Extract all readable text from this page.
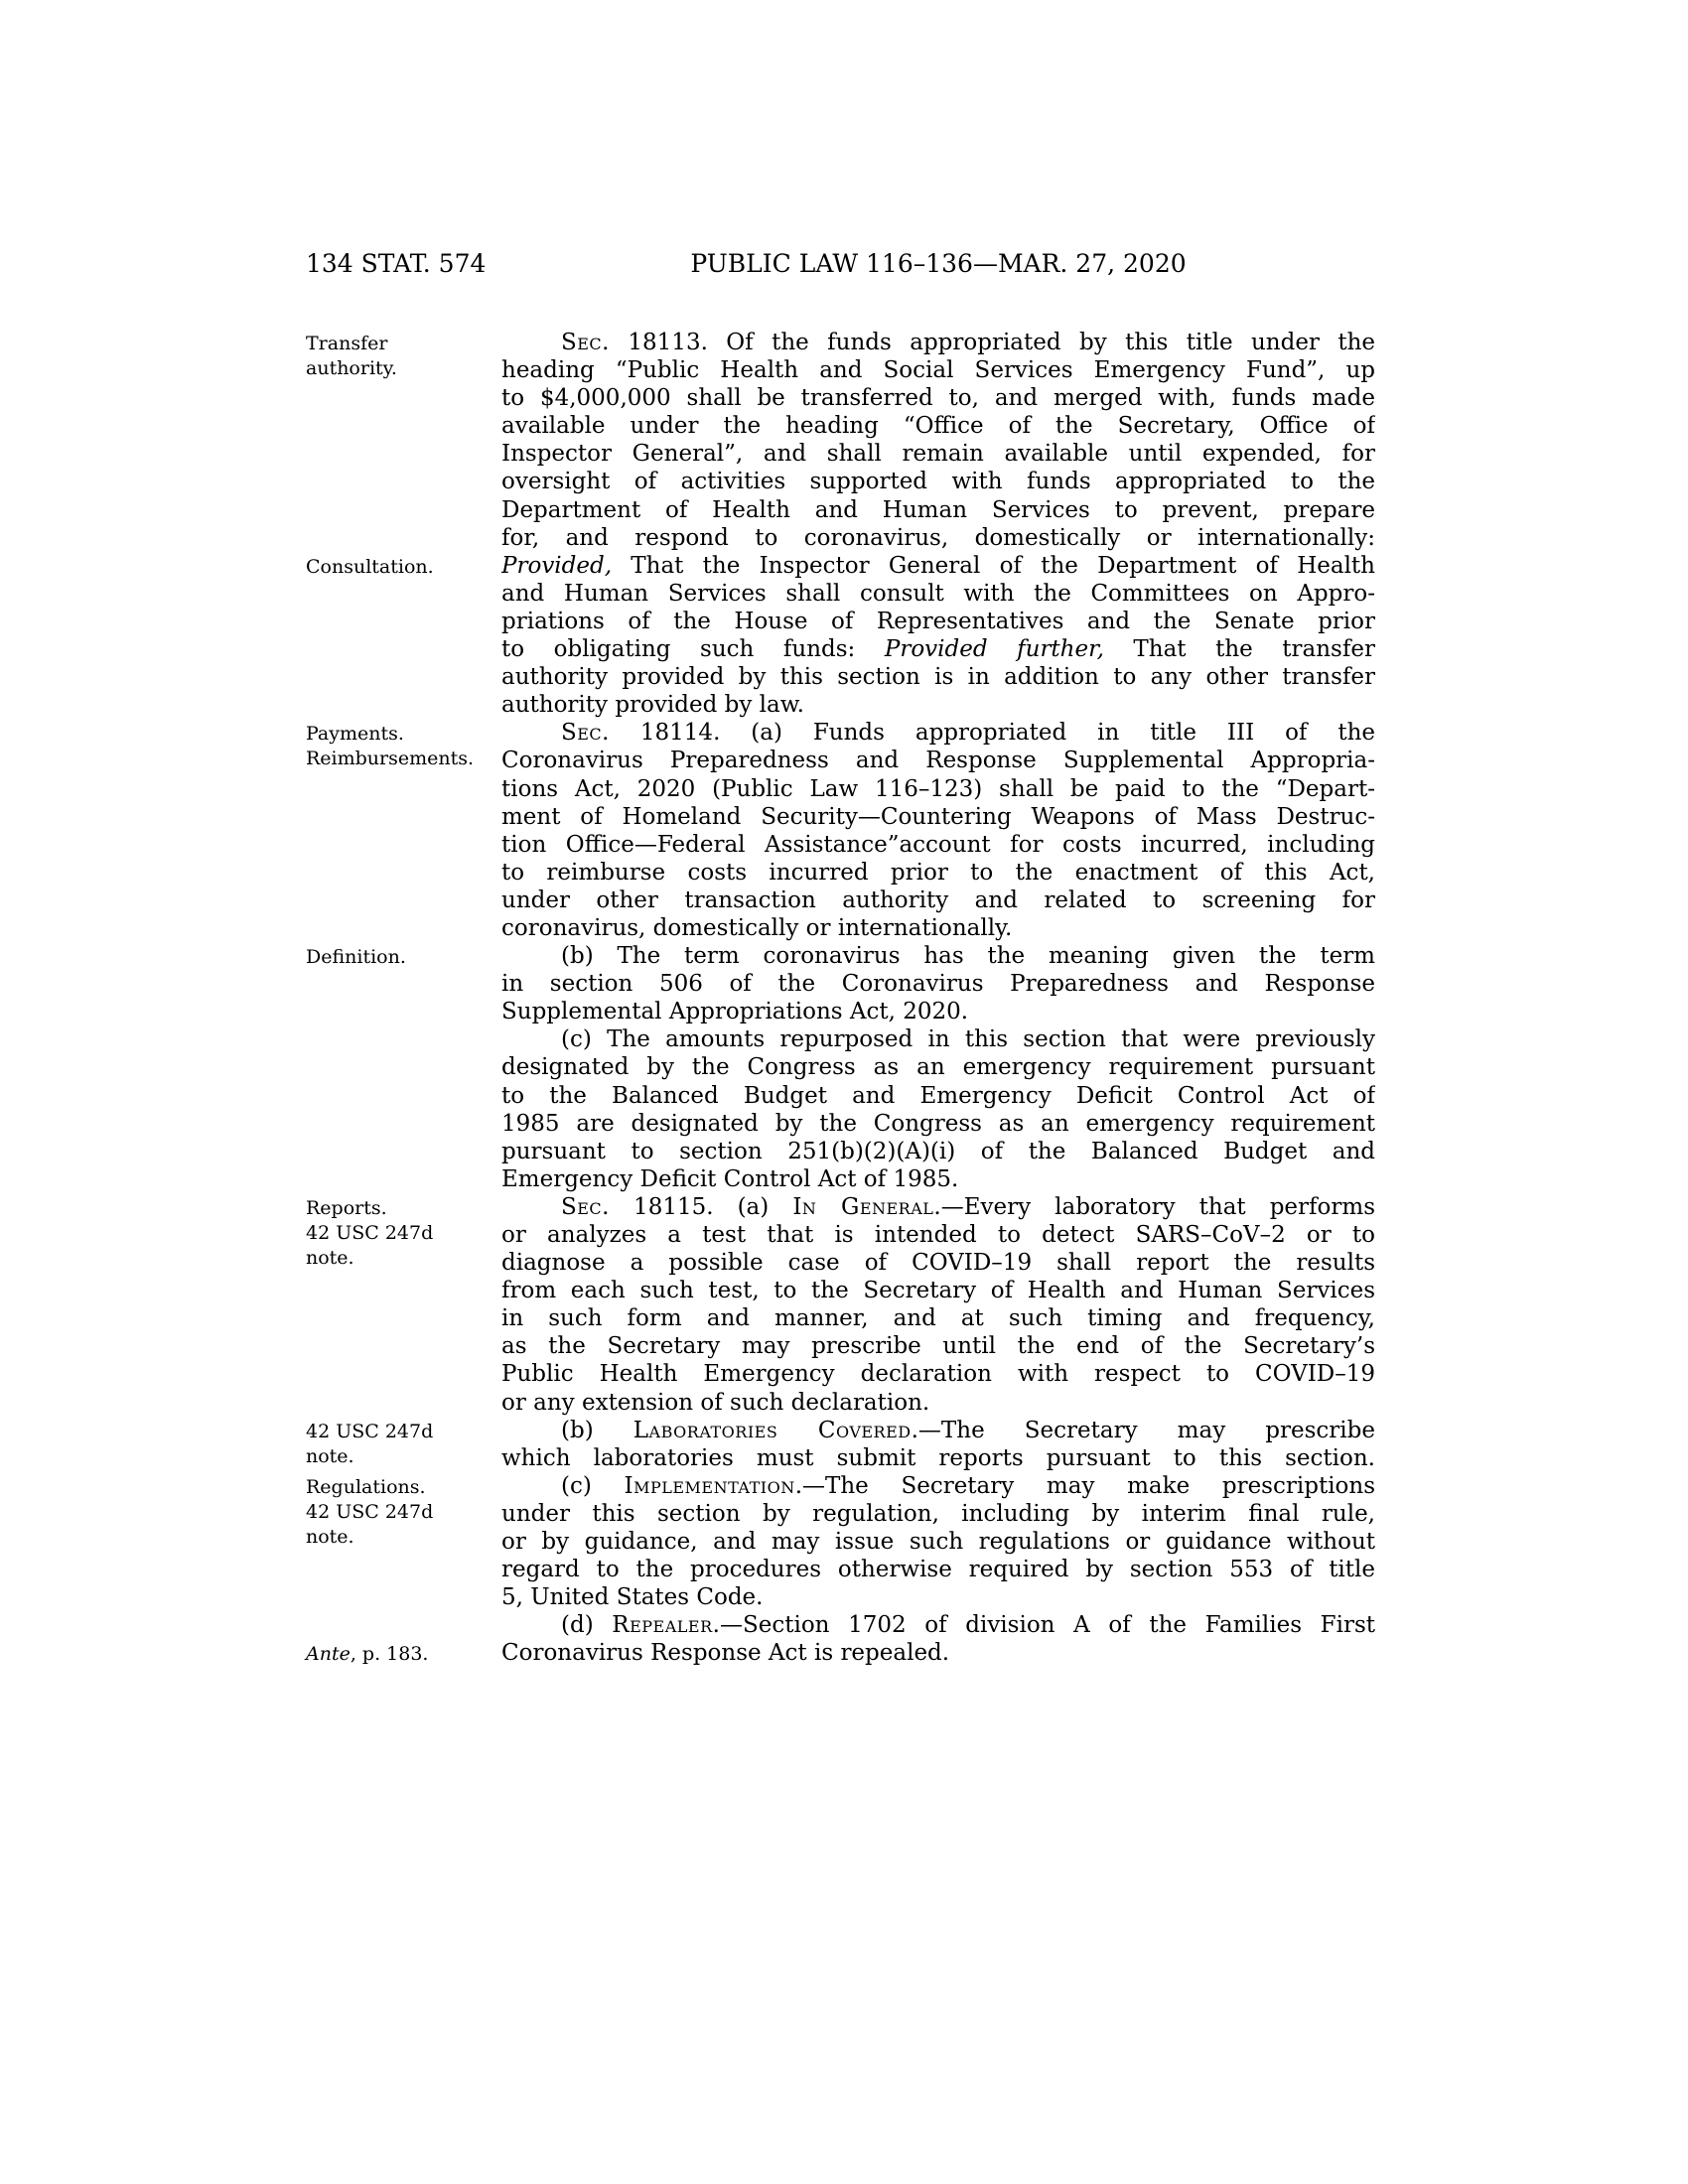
134 STAT. 574	PUBLIC LAW 116–136—MAR. 27, 2020
Transfer
authority.
Consultation.
Payments.
Reimbursements.
Definition.
Reports.
42 USC 247d
note.
42 USC 247d
note.
Regulations.
42 USC 247d
note.
Ante, p. 183.
Sec. 18113. Of the funds appropriated by this title under the
heading “Public Health and Social Services Emergency Fund”, up
to $4,000,000 shall be transferred to, and merged with, funds made
available under the heading “Office of the Secretary, Office of
Inspector General”, and shall remain available until expended, for
oversight of activities supported with funds appropriated to the
Department of Health and Human Services to prevent, prepare
for, and respond to coronavirus, domestically or internationally:
Provided, That the Inspector General of the Department of Health
and Human Services shall consult with the Committees on Appro-
priations of the House of Representatives and the Senate prior
to obligating such funds: Provided further, That the transfer
authority provided by this section is in addition to any other transfer
authority provided by law.
Sec. 18114. (a) Funds appropriated in title III of the
Coronavirus Preparedness and Response Supplemental Appropria-
tions Act, 2020 (Public Law 116–123) shall be paid to the “Depart-
ment of Homeland Security—Countering Weapons of Mass Destruc-
tion Office—Federal Assistance”account for costs incurred, including
to reimburse costs incurred prior to the enactment of this Act,
under other transaction authority and related to screening for
coronavirus, domestically or internationally.
(b) The term coronavirus has the meaning given the term
in section 506 of the Coronavirus Preparedness and Response
Supplemental Appropriations Act, 2020.
(c) The amounts repurposed in this section that were previously
designated by the Congress as an emergency requirement pursuant
to the Balanced Budget and Emergency Deficit Control Act of
1985 are designated by the Congress as an emergency requirement
pursuant to section 251(b)(2)(A)(i) of the Balanced Budget and
Emergency Deficit Control Act of 1985.
Sec. 18115. (a) In General.—Every laboratory that performs
or analyzes a test that is intended to detect SARS–CoV–2 or to
diagnose a possible case of COVID–19 shall report the results
from each such test, to the Secretary of Health and Human Services
in such form and manner, and at such timing and frequency,
as the Secretary may prescribe until the end of the Secretary’s
Public Health Emergency declaration with respect to COVID–19
or any extension of such declaration.
(b) Laboratories Covered.—The Secretary may prescribe
which laboratories must submit reports pursuant to this section.
(c) Implementation.—The Secretary may make prescriptions
under this section by regulation, including by interim final rule,
or by guidance, and may issue such regulations or guidance without
regard to the procedures otherwise required by section 553 of title
5, United States Code.
(d) Repealer.—Section 1702 of division A of the Families First
Coronavirus Response Act is repealed.
